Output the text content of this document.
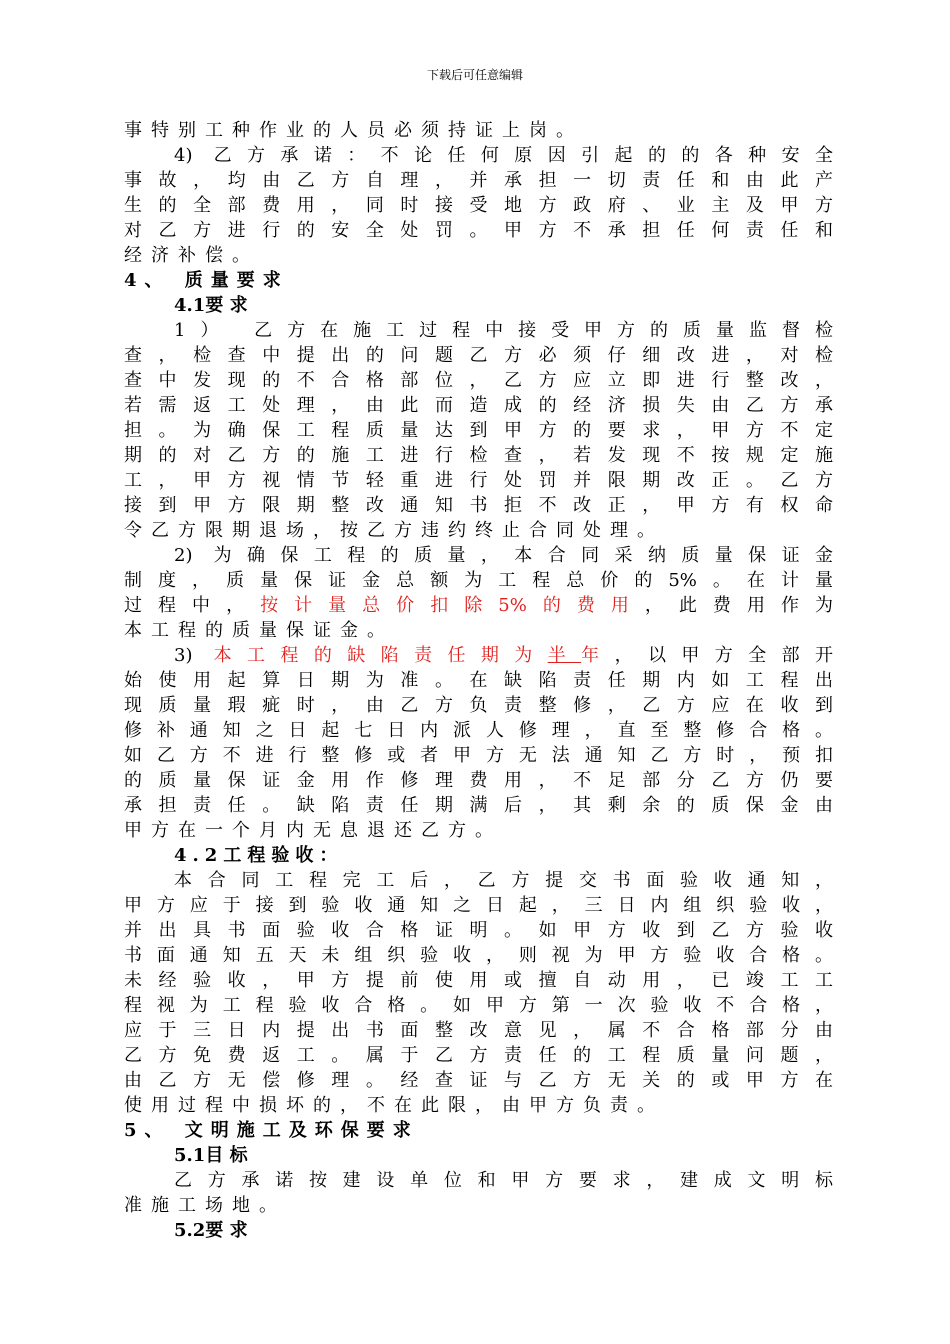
下载后可任意编辑

事特别工种作业的人员必须持证上岗。

4) 乙方承诺：不论任何原因引起的的各种安全

事故，均由乙方自理，并承担一切责任和由此产

生的全部费用，同时接受地方政府、业主及甲方

对乙方进行的安全处罚。甲方不承担任何责任和

经济补偿。

4、 质量要求

4.1要 求

1） 乙方在施工过程中接受甲方的质量监督检

查，检查中提出的问题乙方必须仔细改进，对检

查中发现的不合格部位，乙方应立即进行整改，

若需返工处理，由此而造成的经济损失由乙方承

担。为确保工程质量达到甲方的要求，甲方不定

期的对乙方的施工进行检查，若发现不按规定施

工，甲方视情节轻重进行处罚并限期改正。乙方

接到甲方限期整改通知书拒不改正，甲方有权命

令乙方限期退场，按乙方违约终止合同处理。

2) 为确保工程的质量，本合同采纳质量保证金

制度，质量保证金总额为工程总价的5%。在计量

过程中，按计量总价扣除5%的费用，此费用作为

本工程的质量保证金。

3) 本工程的缺陷责任期为半年，以甲方全部开

始使用起算日期为准。在缺陷责任期内如工程出

现质量瑕疵时，由乙方负责整修，乙方应在收到

修补通知之日起七日内派人修理，直至整修合格。

如乙方不进行整修或者甲方无法通知乙方时，预扣

的质量保证金用作修理费用，不足部分乙方仍要

承担责任。缺陷责任期满后，其剩余的质保金由

甲方在一个月内无息退还乙方。

4.2工程验收：

本合同工程完工后，乙方提交书面验收通知，

甲方应于接到验收通知之日起，三日内组织验收，

并出具书面验收合格证明。如甲方收到乙方验收

书面通知五天未组织验收，则视为甲方验收合格。

未经验收，甲方提前使用或擅自动用，已竣工工

程视为工程验收合格。如甲方第一次验收不合格，

应于三日内提出书面整改意见，属不合格部分由

乙方免费返工。属于乙方责任的工程质量问题，

由乙方无偿修理。经查证与乙方无关的或甲方在

使用过程中损坏的，不在此限，由甲方负责。

5、 文明施工及环保要求

5.1目 标

乙方承诺按建设单位和甲方要求，建成文明标

准施工场地。

5.2要 求
